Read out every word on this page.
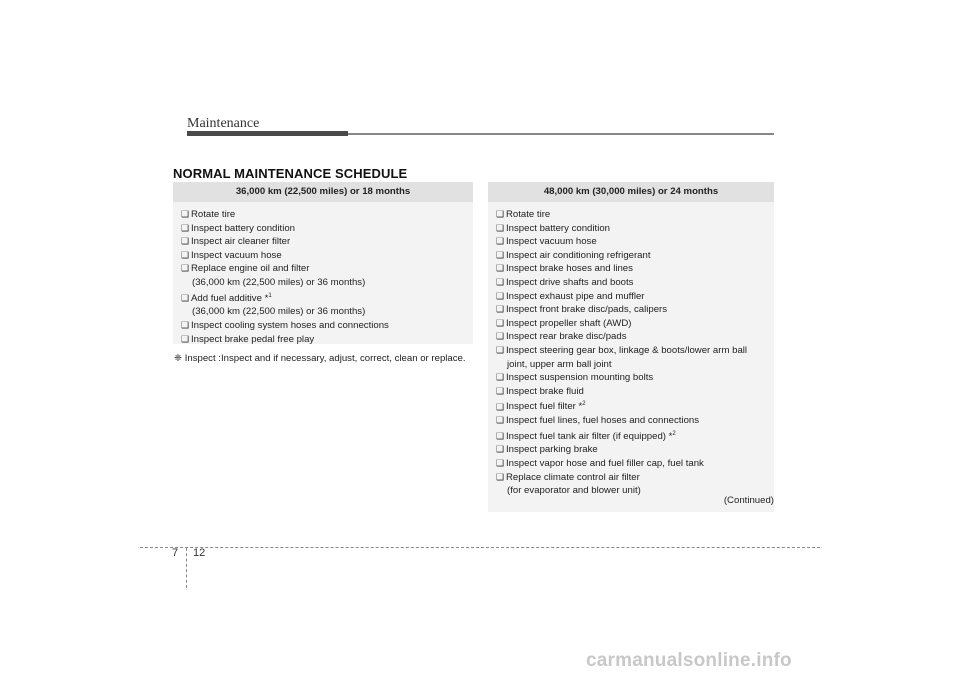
Maintenance
NORMAL MAINTENANCE SCHEDULE
36,000 km (22,500 miles) or 18 months
❑ Rotate tire
❑ Inspect battery condition
❑ Inspect air cleaner filter
❑ Inspect vacuum hose
❑ Replace engine oil and filter
(36,000 km (22,500 miles) or 36 months)
❑ Add fuel additive *$^1$
(36,000 km (22,500 miles) or 36 months)
❑ Inspect cooling system hoses and connections
❑ Inspect brake pedal free play
❈ Inspect : Inspect and if necessary, adjust, correct, clean or replace.
48,000 km (30,000 miles) or 24 months
❑ Rotate tire
❑ Inspect battery condition
❑ Inspect vacuum hose
❑ Inspect air conditioning refrigerant
❑ Inspect brake hoses and lines
❑ Inspect drive shafts and boots
❑ Inspect exhaust pipe and muffler
❑ Inspect front brake disc/pads, calipers
❑ Inspect propeller shaft (AWD)
❑ Inspect rear brake disc/pads
❑ Inspect steering gear box, linkage & boots/lower arm ball
joint, upper arm ball joint
❑ Inspect suspension mounting bolts
❑ Inspect brake fluid
❑ Inspect fuel filter *$^2$
❑ Inspect fuel lines, fuel hoses and connections
❑ Inspect fuel tank air filter (if equipped) *$^2$
❑ Inspect parking brake
❑ Inspect vapor hose and fuel filler cap, fuel tank
❑ Replace climate control air filter
(for evaporator and blower unit)
(Continued)
7 12
carmanualsonline.info
